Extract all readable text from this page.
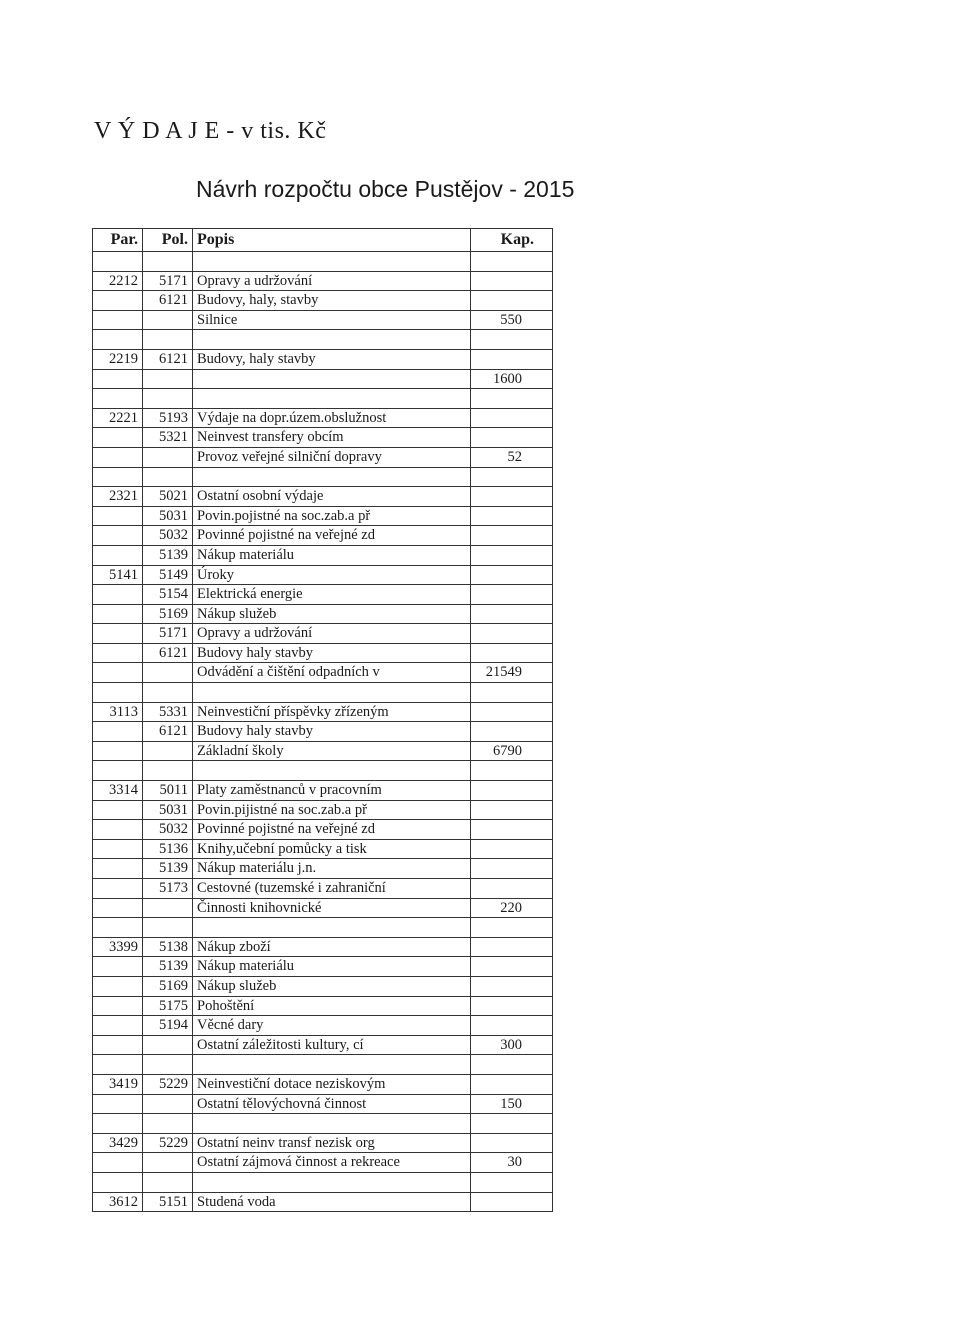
V Ý D A J E - v tis. Kč
Návrh rozpočtu obce Pustějov - 2015
Par.	Pol.	Popis	Kap.

2212	5171	Opravy a udržování	
	6121	Budovy, haly, stavby	
		Silnice	550

2219	6121	Budovy, haly stavby	
			1600

2221	5193	Výdaje na dopr.územ.obslužnost	
	5321	Neinvest transfery obcím	
		Provoz veřejné silniční dopravy	52

2321	5021	Ostatní osobní výdaje	
	5031	Povin.pojistné na soc.zab.a př	
	5032	Povinné pojistné na veřejné zd	
	5139	Nákup materiálu	
5141	5149	Úroky	
	5154	Elektrická energie	
	5169	Nákup služeb	
	5171	Opravy a udržování	
	6121	Budovy haly stavby	
		Odvádění a čištění odpadních v	21549

3113	5331	Neinvestiční příspěvky zřízeným	
	6121	Budovy haly stavby	
		Základní školy	6790

3314	5011	Platy zaměstnanců v pracovním	
	5031	Povin.pijistné na soc.zab.a př	
	5032	Povinné pojistné na veřejné zd	
	5136	Knihy,učební pomůcky a tisk	
	5139	Nákup materiálu j.n.	
	5173	Cestovné (tuzemské i zahraniční	
		Činnosti knihovnické	220

3399	5138	Nákup zboží	
	5139	Nákup materiálu	
	5169	Nákup služeb	
	5175	Pohoštění	
	5194	Věcné dary	
		Ostatní záležitosti kultury, cí	300

3419	5229	Neinvestiční dotace neziskovým	
		Ostatní tělovýchovná činnost	150

3429	5229	Ostatní neinv transf nezisk org	
		Ostatní zájmová činnost a rekreace	30

3612	5151	Studená voda	
